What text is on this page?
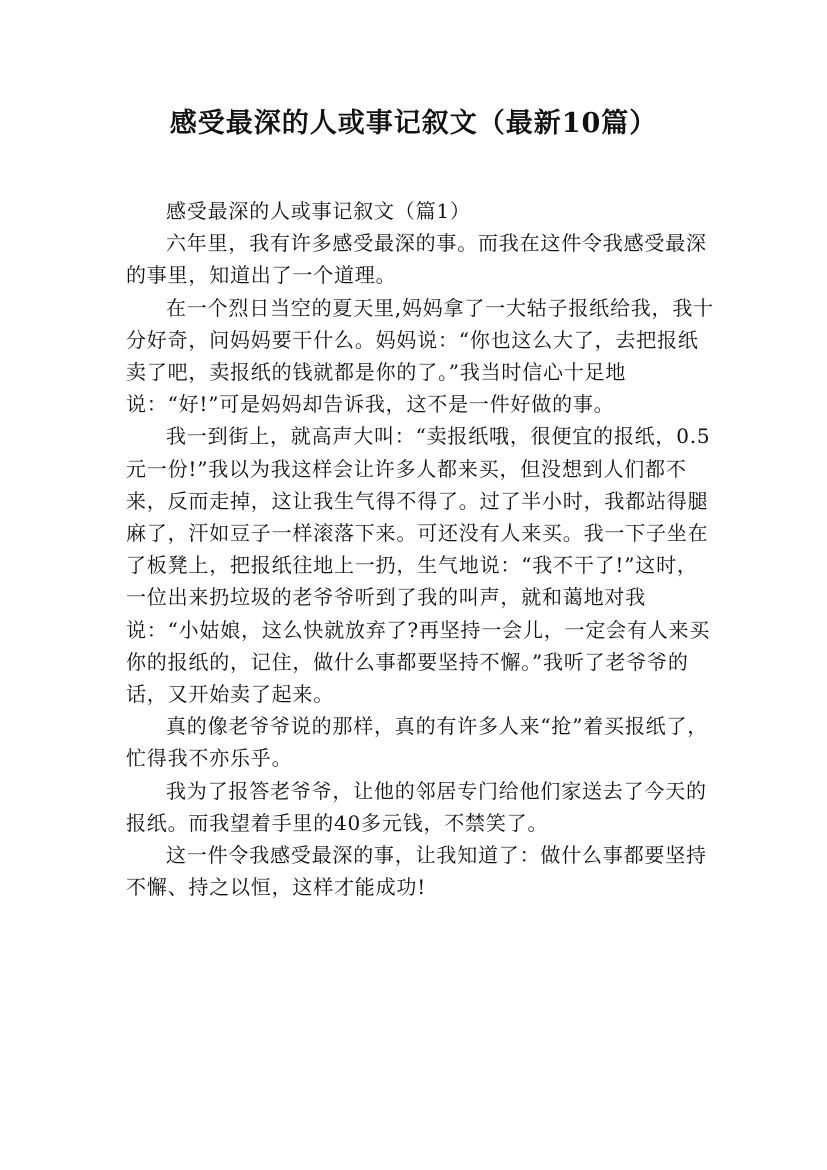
感受最深的人或事记叙文（最新10篇）

感受最深的人或事记叙文（篇1）

六年里，我有许多感受最深的事。而我在这件令我感受最深的事里，知道出了一个道理。

在一个烈日当空的夏天里,妈妈拿了一大轱子报纸给我，我十分好奇，问妈妈要干什么。妈妈说：“你也这么大了，去把报纸卖了吧，卖报纸的钱就都是你的了。”我当时信心十足地说：“好!”可是妈妈却告诉我，这不是一件好做的事。

我一到街上，就高声大叫：“卖报纸哦，很便宜的报纸，0.5元一份!”我以为我这样会让许多人都来买，但没想到人们都不来，反而走掉，这让我生气得不得了。过了半小时，我都站得腿麻了，汗如豆子一样滚落下来。可还没有人来买。我一下子坐在了板凳上，把报纸往地上一扔，生气地说：“我不干了!”这时，一位出来扔垃圾的老爷爷听到了我的叫声，就和蔼地对我说：“小姑娘，这么快就放弃了?再坚持一会儿，一定会有人来买你的报纸的，记住，做什么事都要坚持不懈。”我听了老爷爷的话，又开始卖了起来。

真的像老爷爷说的那样，真的有许多人来“抢”着买报纸了，忙得我不亦乐乎。

我为了报答老爷爷，让他的邻居专门给他们家送去了今天的报纸。而我望着手里的40多元钱，不禁笑了。

这一件令我感受最深的事，让我知道了：做什么事都要坚持不懈、持之以恒，这样才能成功!
